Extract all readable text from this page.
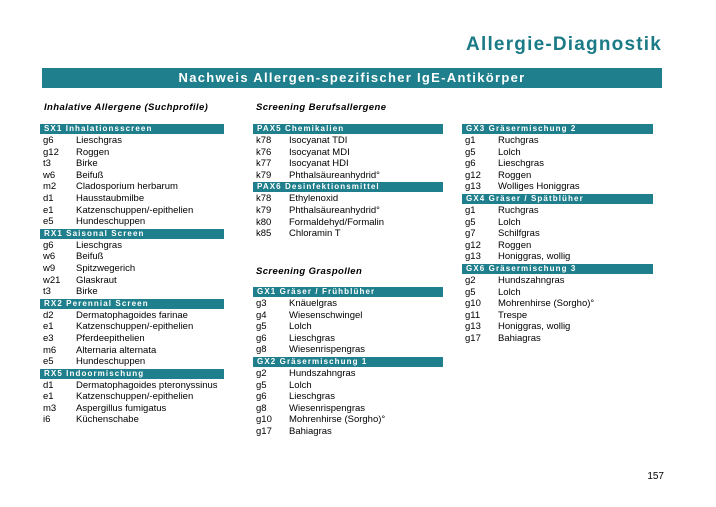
Allergie-Diagnostik
Nachweis Allergen-spezifischer IgE-Antikörper
Inhalative Allergene (Suchprofile)	Screening Berufsallergene
Screening Graspollen
SX1 Inhalationsscreen
g6	Lieschgras
g12	Roggen
t3	Birke
w6	Beifuß
m2	Cladosporium herbarum
d1	Hausstaubmilbe
e1	Katzenschuppen/-epithelien
e5	Hundeschuppen
RX1 Saisonal Screen
g6	Lieschgras
w6	Beifuß
w9	Spitzwegerich
w21	Glaskraut
t3	Birke
RX2 Perennial Screen
d2	Dermatophagoides farinae
e1	Katzenschuppen/-epithelien
e3	Pferdeepithelien
m6	Alternaria alternata
e5	Hundeschuppen
RX5 Indoormischung
d1	Dermatophagoides pteronyssinus
e1	Katzenschuppen/-epithelien
m3	Aspergillus fumigatus
i6	Küchenschabe
PAX5 Chemikalien
k78	Isocyanat TDI
k76	Isocyanat MDI
k77	Isocyanat HDI
k79	Phthalsäureanhydrid°
PAX6 Desinfektionsmittel
k78	Ethylenoxid
k79	Phthalsäureanhydrid°
k80	Formaldehyd/Formalin
k85	Chloramin T
GX1 Gräser / Frühblüher
g3	Knäuelgras
g4	Wiesenschwingel
g5	Lolch
g6	Lieschgras
g8	Wiesenrispengras
GX2 Gräsermischung 1
g2	Hundszahngras
g5	Lolch
g6	Lieschgras
g8	Wiesenrispengras
g10	Mohrenhirse (Sorgho)°
g17	Bahiagras
GX3 Gräsermischung 2
g1	Ruchgras
g5	Lolch
g6	Lieschgras
g12	Roggen
g13	Wolliges Honiggras
GX4 Gräser / Spätblüher
g1	Ruchgras
g5	Lolch
g7	Schilfgras
g12	Roggen
g13	Honiggras, wollig
GX6 Gräsermischung 3
g2	Hundszahngras
g5	Lolch
g10	Mohrenhirse (Sorgho)°
g11	Trespe
g13	Honiggras, wollig
g17	Bahiagras
157
